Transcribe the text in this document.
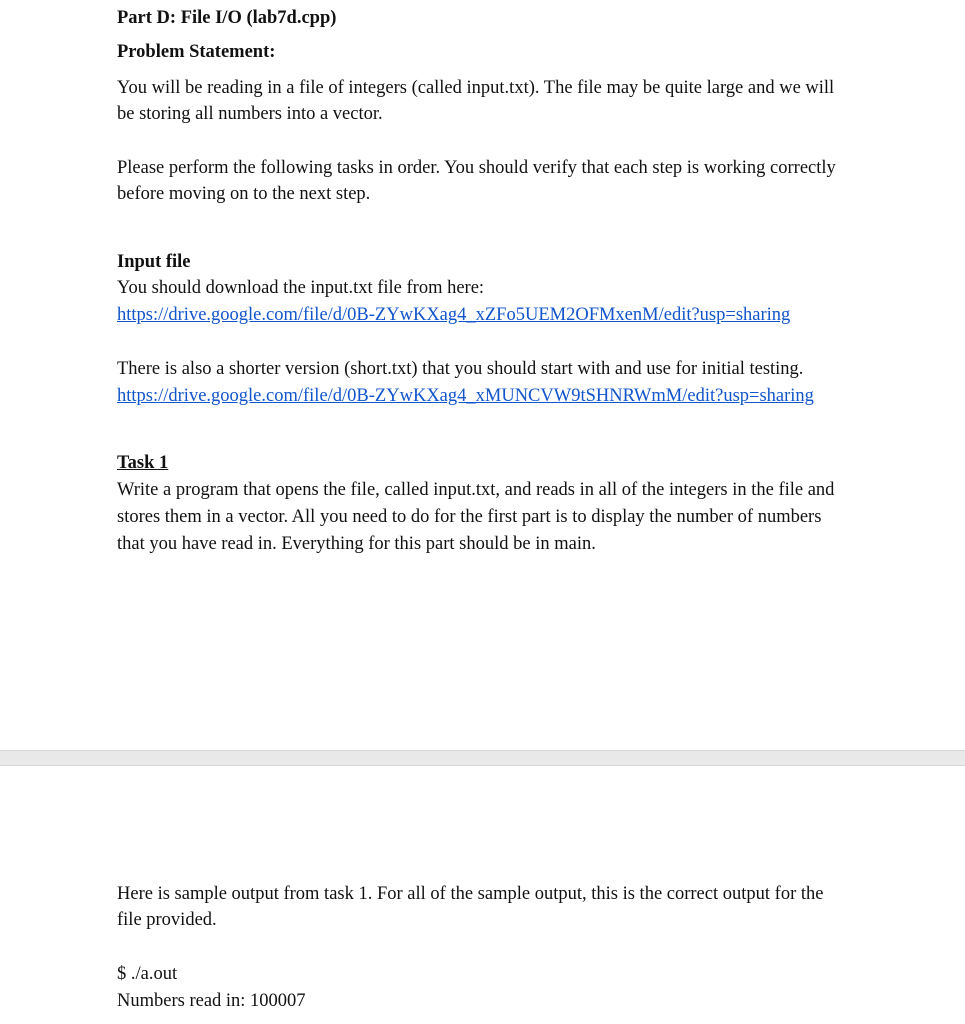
Part D: File I/O (lab7d.cpp)
Problem Statement:
You will be reading in a file of integers (called input.txt). The file may be quite large and we will
be storing all numbers into a vector.
Please perform the following tasks in order. You should verify that each step is working correctly
before moving on to the next step.
Input file
You should download the input.txt file from here:
https://drive.google.com/file/d/0B-ZYwKXag4_xZFo5UEM2OFMxenM/edit?usp=sharing
There is also a shorter version (short.txt) that you should start with and use for initial testing.
https://drive.google.com/file/d/0B-ZYwKXag4_xMUNCVW9tSHNRWmM/edit?usp=sharing
Task 1
Write a program that opens the file, called input.txt, and reads in all of the integers in the file and
stores them in a vector. All you need to do for the first part is to display the number of numbers
that you have read in. Everything for this part should be in main.
Here is sample output from task 1. For all of the sample output, this is the correct output for the
file provided.
$ ./a.out
Numbers read in: 100007
